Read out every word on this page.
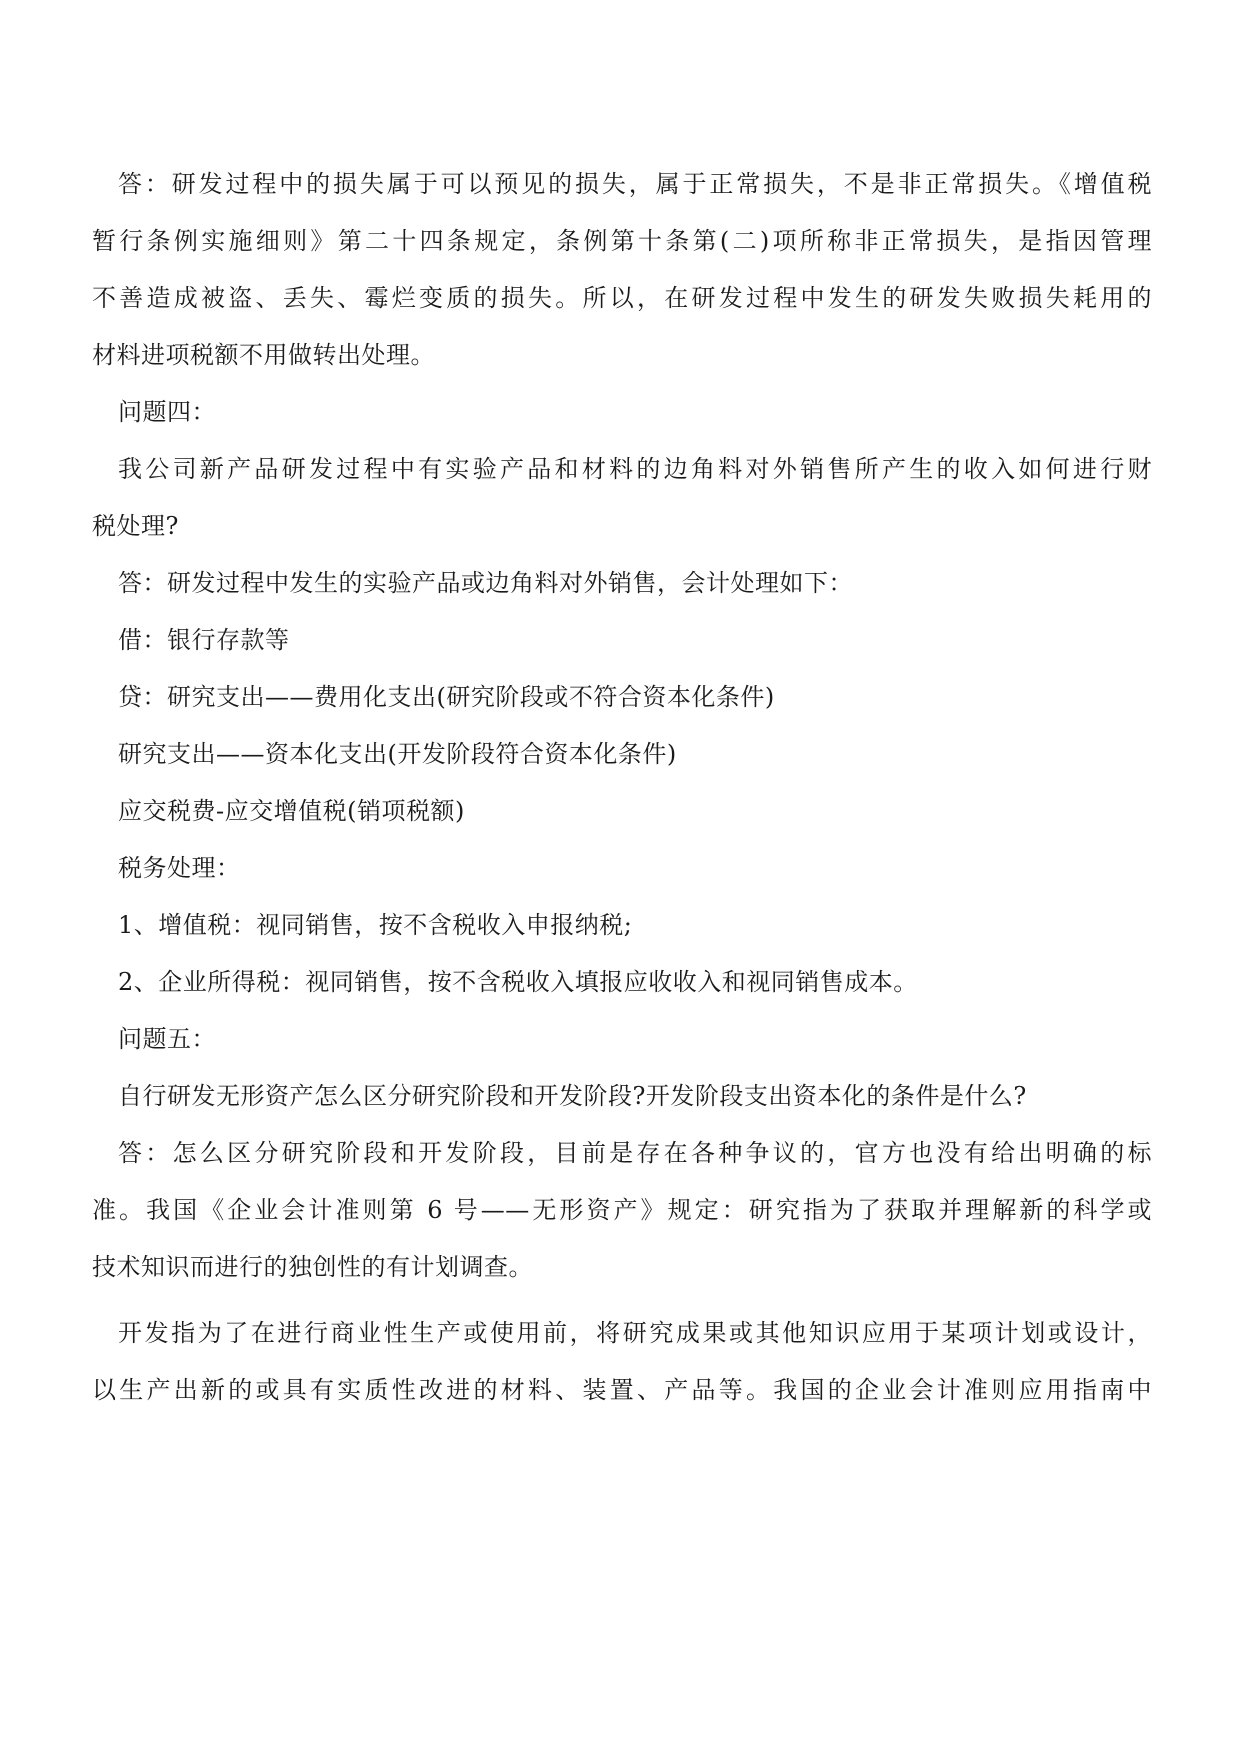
答：研发过程中的损失属于可以预见的损失，属于正常损失，不是非正常损失。《增值税
暂行条例实施细则》第二十四条规定，条例第十条第(二)项所称非正常损失，是指因管理
不善造成被盗、丢失、霉烂变质的损失。所以，在研发过程中发生的研发失败损失耗用的
材料进项税额不用做转出处理。
问题四：
我公司新产品研发过程中有实验产品和材料的边角料对外销售所产生的收入如何进行财
税处理?
答：研发过程中发生的实验产品或边角料对外销售，会计处理如下：
借：银行存款等
贷：研究支出——费用化支出(研究阶段或不符合资本化条件)
研究支出——资本化支出(开发阶段符合资本化条件)
应交税费-应交增值税(销项税额)
税务处理：
1、增值税：视同销售，按不含税收入申报纳税;
2、企业所得税：视同销售，按不含税收入填报应收收入和视同销售成本。
问题五：
自行研发无形资产怎么区分研究阶段和开发阶段?开发阶段支出资本化的条件是什么?
答：怎么区分研究阶段和开发阶段，目前是存在各种争议的，官方也没有给出明确的标
准。我国《企业会计准则第 6 号——无形资产》规定：研究指为了获取并理解新的科学或
技术知识而进行的独创性的有计划调查。
开发指为了在进行商业性生产或使用前，将研究成果或其他知识应用于某项计划或设计，
以生产出新的或具有实质性改进的材料、装置、产品等。我国的企业会计准则应用指南中
